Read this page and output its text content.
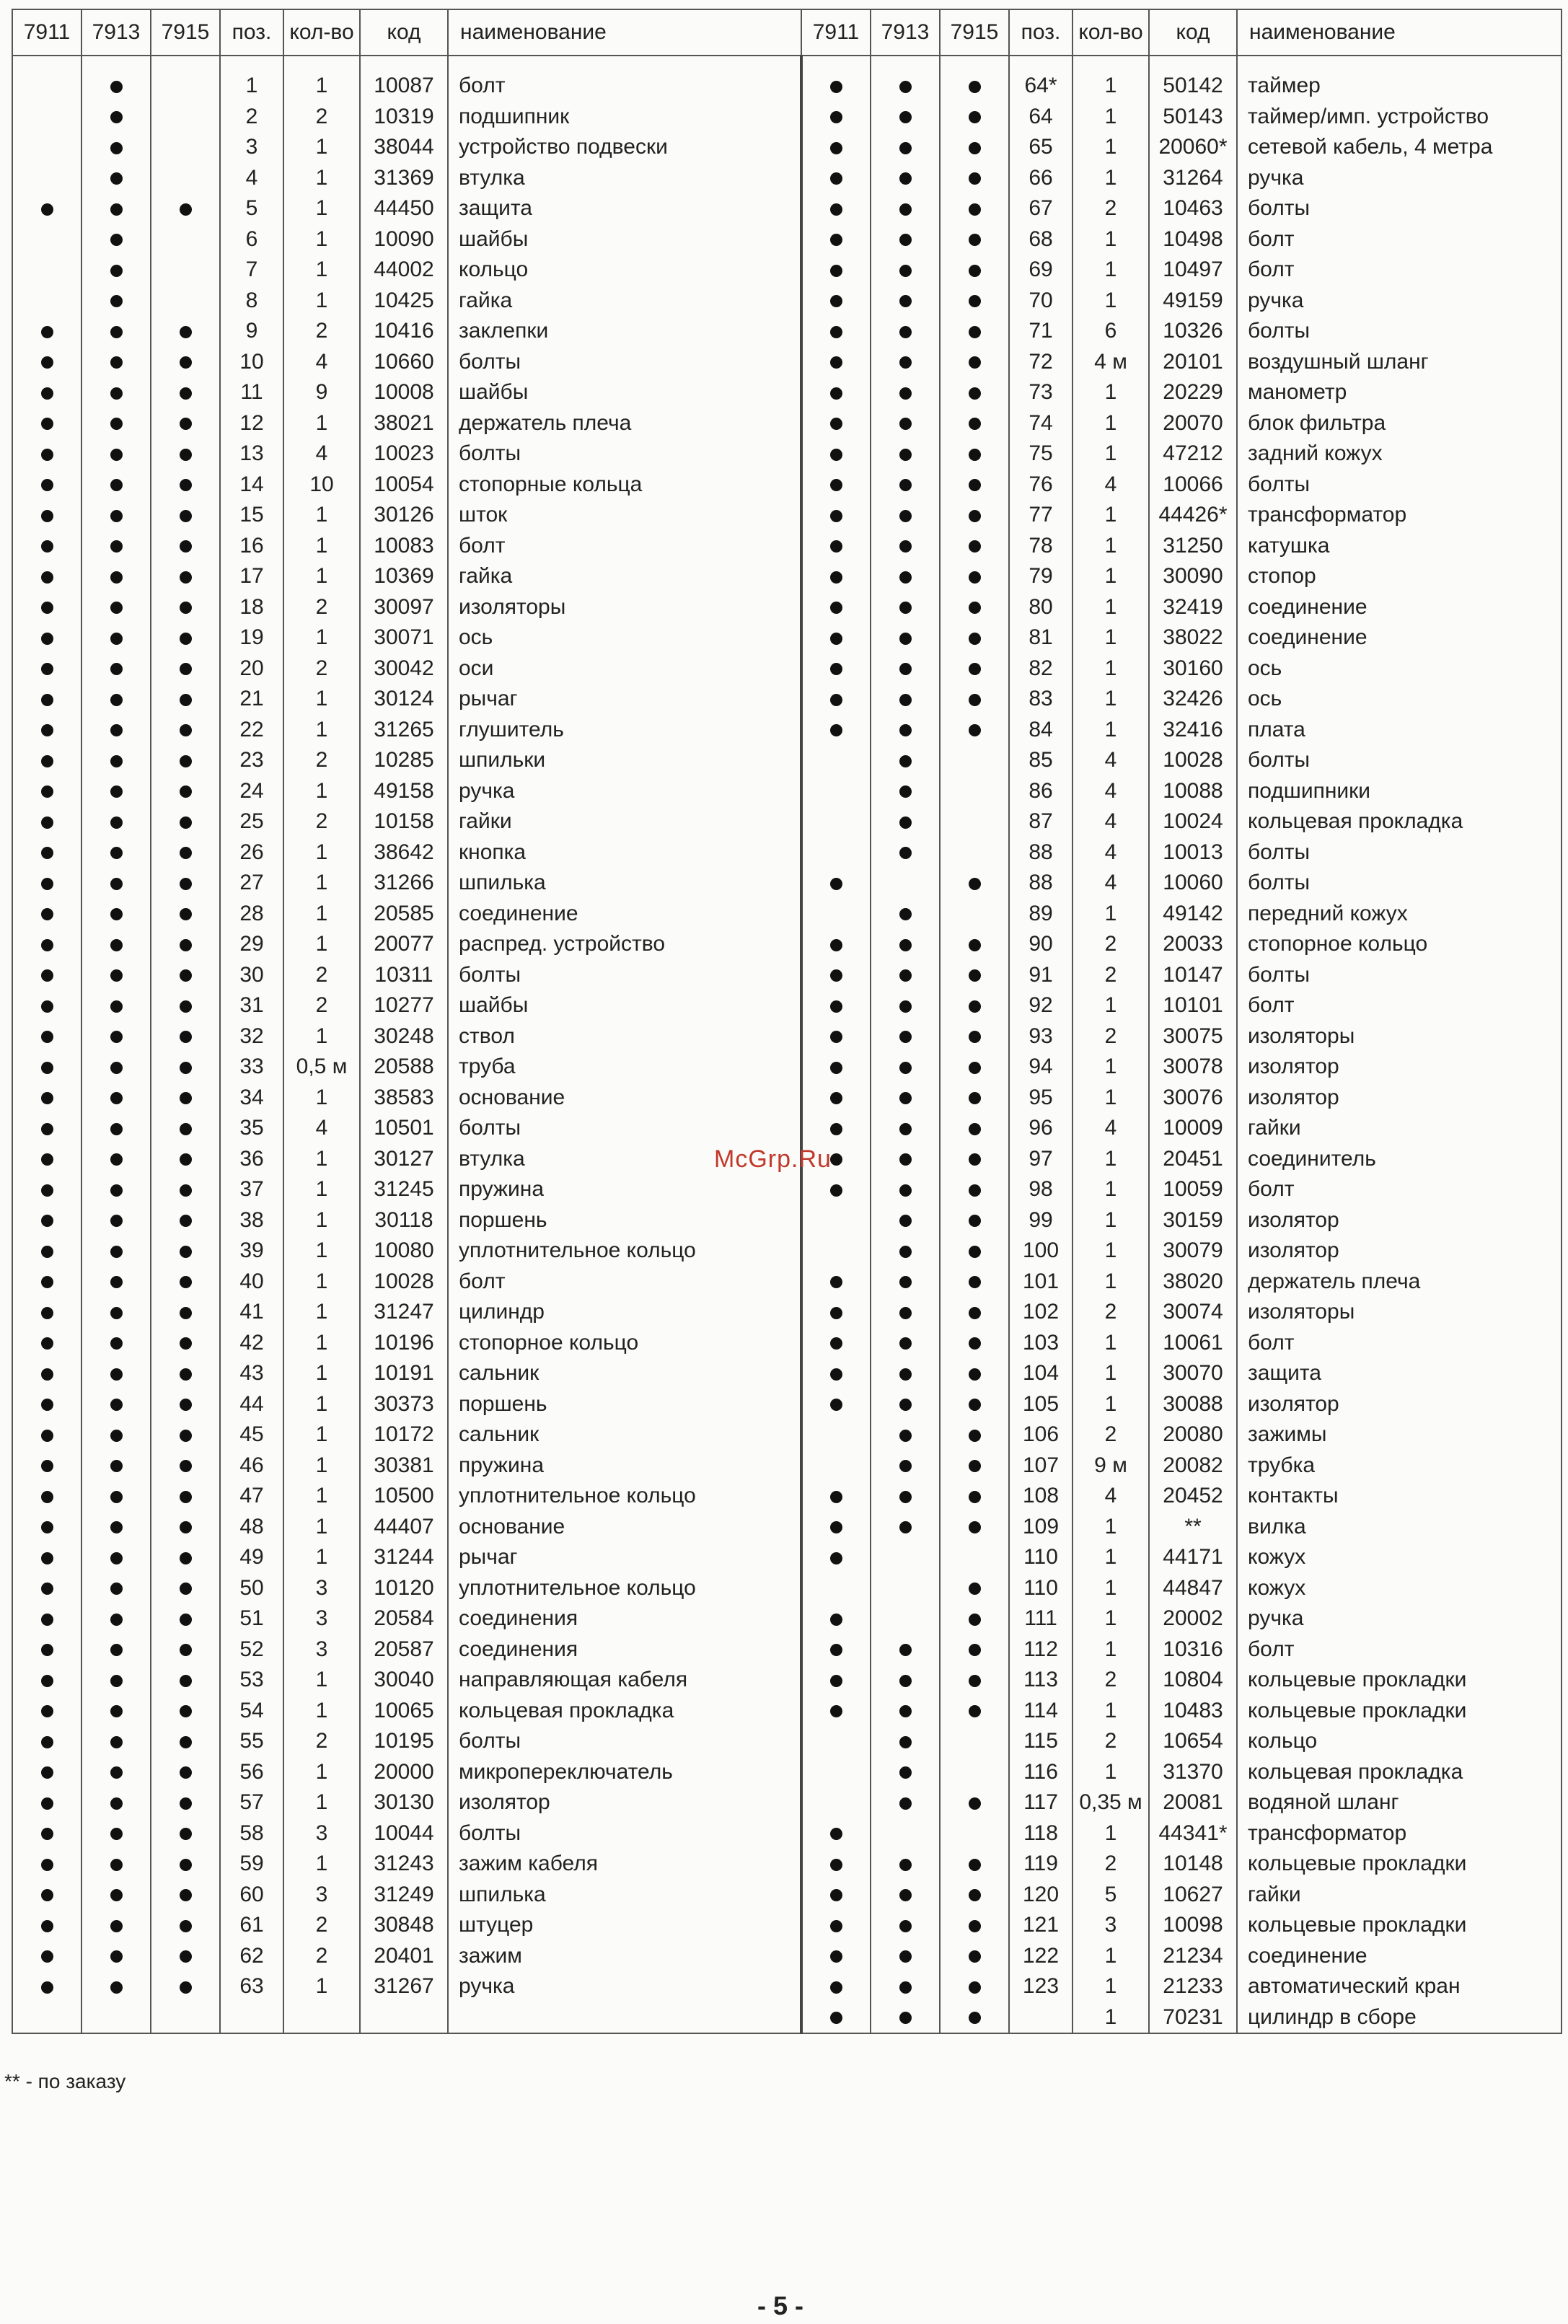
7911	7913	7915	поз.	кол-во	код	наименование	7911	7913	7915	поз.	кол-во	код	наименование

			1	1	10087	болт				64*	1	50142	таймер
			2	2	10319	подшипник				64	1	50143	таймер/имп. устройство
			3	1	38044	устройство подвески				65	1	20060*	сетевой кабель, 4 метра
			4	1	31369	втулка				66	1	31264	ручка
			5	1	44450	защита				67	2	10463	болты
			6	1	10090	шайбы				68	1	10498	болт
			7	1	44002	кольцо				69	1	10497	болт
			8	1	10425	гайка				70	1	49159	ручка
			9	2	10416	заклепки				71	6	10326	болты
			10	4	10660	болты				72	4 м	20101	воздушный шланг
			11	9	10008	шайбы				73	1	20229	манометр
			12	1	38021	держатель плеча				74	1	20070	блок фильтра
			13	4	10023	болты				75	1	47212	задний кожух
			14	10	10054	стопорные кольца				76	4	10066	болты
			15	1	30126	шток				77	1	44426*	трансформатор
			16	1	10083	болт				78	1	31250	катушка
			17	1	10369	гайка				79	1	30090	стопор
			18	2	30097	изоляторы				80	1	32419	соединение
			19	1	30071	ось				81	1	38022	соединение
			20	2	30042	оси				82	1	30160	ось
			21	1	30124	рычаг				83	1	32426	ось
			22	1	31265	глушитель				84	1	32416	плата
			23	2	10285	шпильки				85	4	10028	болты
			24	1	49158	ручка				86	4	10088	подшипники
			25	2	10158	гайки				87	4	10024	кольцевая прокладка
			26	1	38642	кнопка				88	4	10013	болты
			27	1	31266	шпилька				88	4	10060	болты
			28	1	20585	соединение				89	1	49142	передний кожух
			29	1	20077	распред. устройство				90	2	20033	стопорное кольцо
			30	2	10311	болты				91	2	10147	болты
			31	2	10277	шайбы				92	1	10101	болт
			32	1	30248	ствол				93	2	30075	изоляторы
			33	0,5 м	20588	труба				94	1	30078	изолятор
			34	1	38583	основание				95	1	30076	изолятор
			35	4	10501	болты				96	4	10009	гайки
			36	1	30127	втулка				97	1	20451	соединитель
			37	1	31245	пружина				98	1	10059	болт
			38	1	30118	поршень				99	1	30159	изолятор
			39	1	10080	уплотнительное кольцо				100	1	30079	изолятор
			40	1	10028	болт				101	1	38020	держатель плеча
			41	1	31247	цилиндр				102	2	30074	изоляторы
			42	1	10196	стопорное кольцо				103	1	10061	болт
			43	1	10191	сальник				104	1	30070	защита
			44	1	30373	поршень				105	1	30088	изолятор
			45	1	10172	сальник				106	2	20080	зажимы
			46	1	30381	пружина				107	9 м	20082	трубка
			47	1	10500	уплотнительное кольцо				108	4	20452	контакты
			48	1	44407	основание				109	1	**	вилка
			49	1	31244	рычаг				110	1	44171	кожух
			50	3	10120	уплотнительное кольцо				110	1	44847	кожух
			51	3	20584	соединения				111	1	20002	ручка
			52	3	20587	соединения				112	1	10316	болт
			53	1	30040	направляющая кабеля				113	2	10804	кольцевые прокладки
			54	1	10065	кольцевая прокладка				114	1	10483	кольцевые прокладки
			55	2	10195	болты				115	2	10654	кольцо
			56	1	20000	микропереключатель				116	1	31370	кольцевая прокладка
			57	1	30130	изолятор				117	0,35 м	20081	водяной шланг
			58	3	10044	болты				118	1	44341*	трансформатор
			59	1	31243	зажим кабеля				119	2	10148	кольцевые прокладки
			60	3	31249	шпилька				120	5	10627	гайки
			61	2	30848	штуцер				121	3	10098	кольцевые прокладки
			62	2	20401	зажим				122	1	21234	соединение
			63	1	31267	ручка				123	1	21233	автоматический кран
											1	70231	цилиндр в сборе
McGrp.Ru
** - по заказу
- 5 -
